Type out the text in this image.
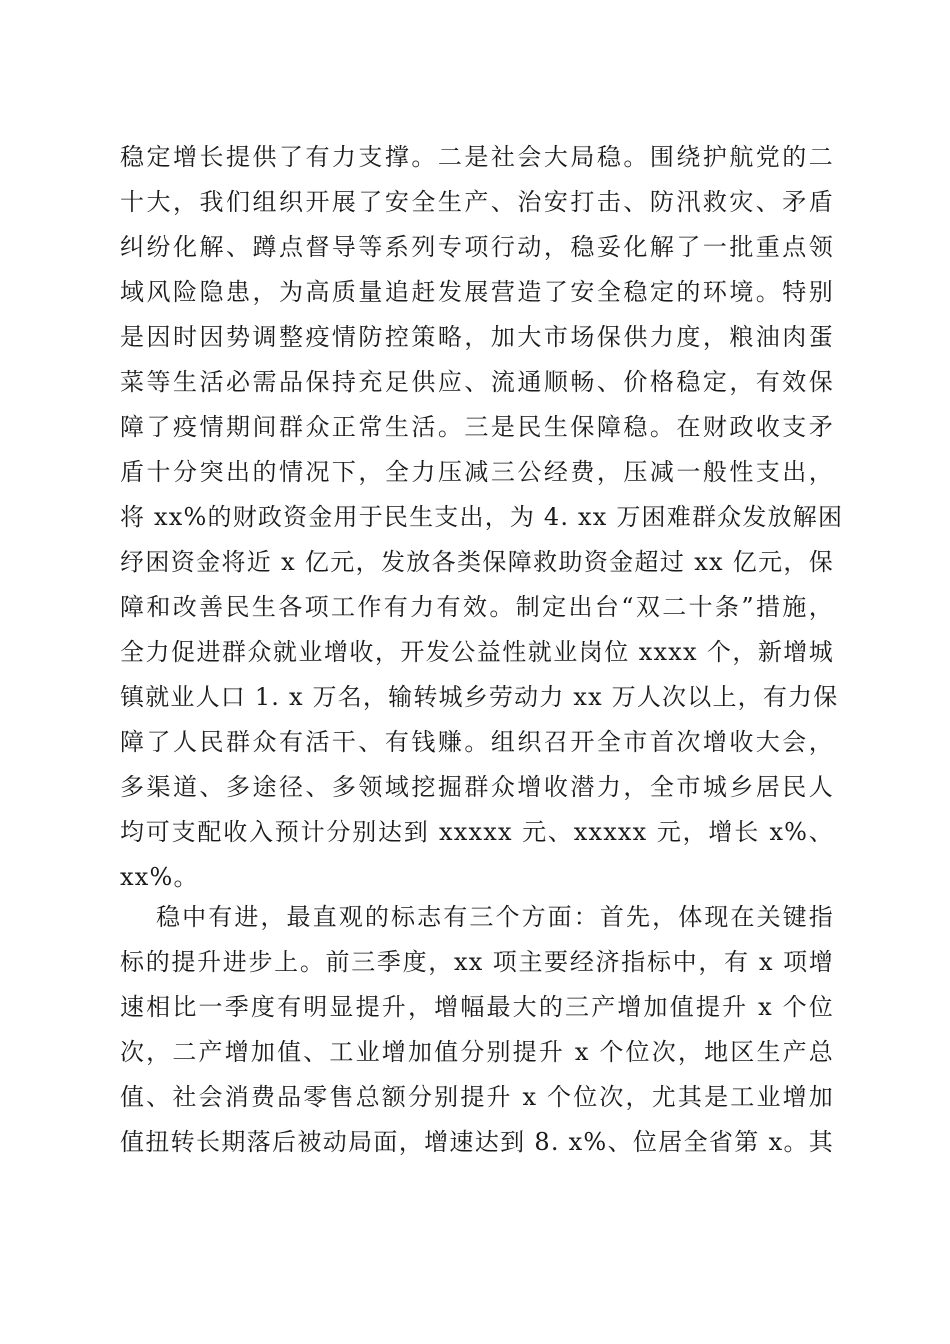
稳定增长提供了有力支撑。二是社会大局稳。围绕护航党的二
十大，我们组织开展了安全生产、治安打击、防汛救灾、矛盾
纠纷化解、蹲点督导等系列专项行动，稳妥化解了一批重点领
域风险隐患，为高质量追赶发展营造了安全稳定的环境。特别
是因时因势调整疫情防控策略，加大市场保供力度，粮油肉蛋
菜等生活必需品保持充足供应、流通顺畅、价格稳定，有效保
障了疫情期间群众正常生活。三是民生保障稳。在财政收支矛
盾十分突出的情况下，全力压减三公经费，压减一般性支出，
将 xx%的财政资金用于民生支出，为 4. xx 万困难群众发放解困
纾困资金将近 x 亿元，发放各类保障救助资金超过 xx 亿元，保
障和改善民生各项工作有力有效。制定出台“双二十条”措施，
全力促进群众就业增收，开发公益性就业岗位 xxxx 个，新增城
镇就业人口 1. x 万名，输转城乡劳动力 xx 万人次以上，有力保
障了人民群众有活干、有钱赚。组织召开全市首次增收大会，
多渠道、多途径、多领域挖掘群众增收潜力，全市城乡居民人
均可支配收入预计分别达到 xxxxx 元、xxxxx 元，增长 x%、
xx%。
稳中有进，最直观的标志有三个方面：首先，体现在关键指
标的提升进步上。前三季度，xx 项主要经济指标中，有 x 项增
速相比一季度有明显提升，增幅最大的三产增加值提升 x 个位
次，二产增加值、工业增加值分别提升 x 个位次，地区生产总
值、社会消费品零售总额分别提升 x 个位次，尤其是工业增加
值扭转长期落后被动局面，增速达到 8. x%、位居全省第 x。其
